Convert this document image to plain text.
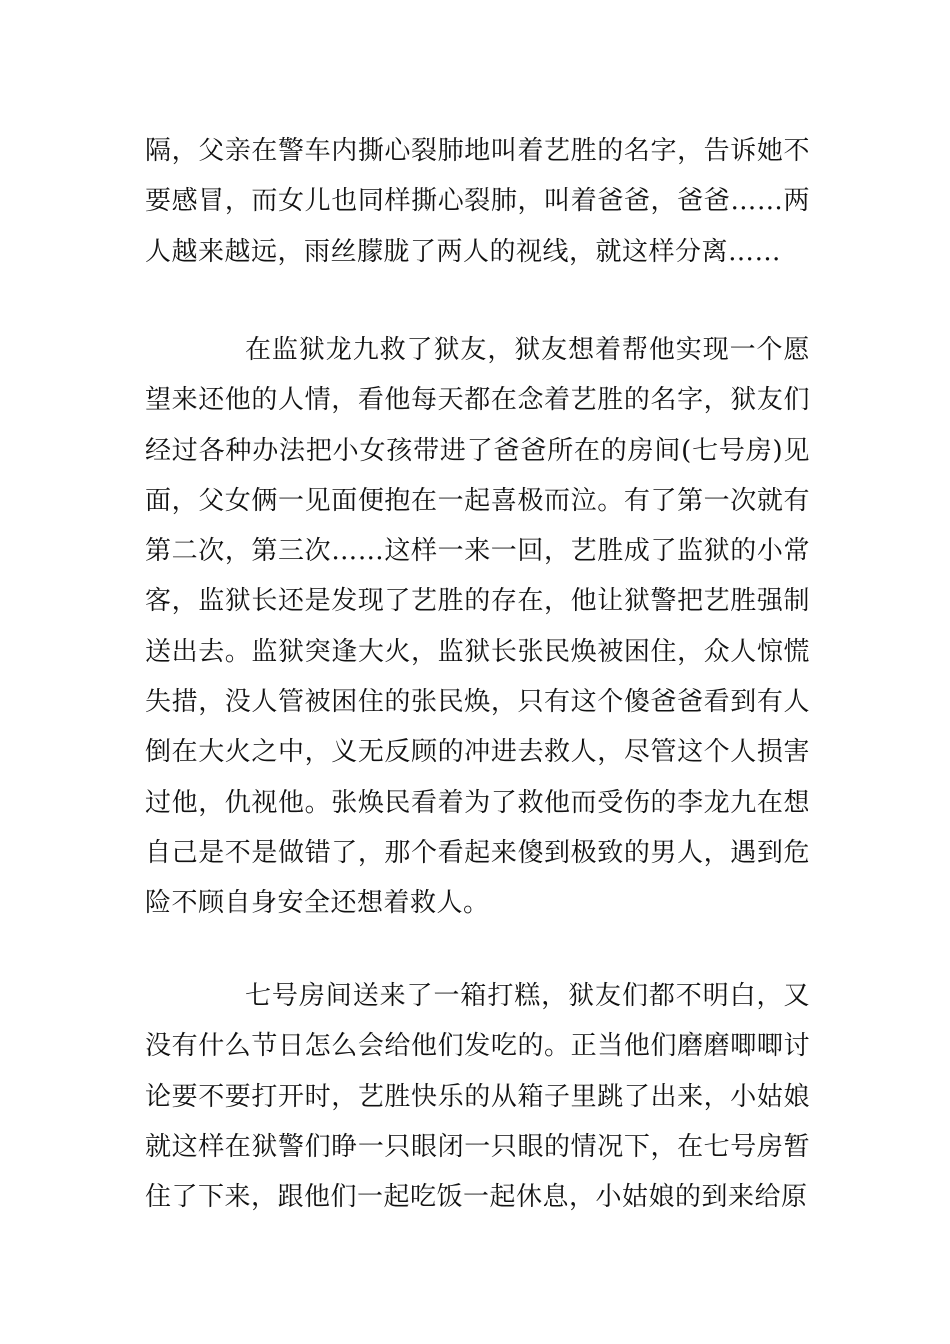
隔，父亲在警车内撕心裂肺地叫着艺胜的名字，告诉她不要感冒，而女儿也同样撕心裂肺，叫着爸爸，爸爸……两人越来越远，雨丝朦胧了两人的视线，就这样分离……

在监狱龙九救了狱友，狱友想着帮他实现一个愿望来还他的人情，看他每天都在念着艺胜的名字，狱友们经过各种办法把小女孩带进了爸爸所在的房间(七号房)见面，父女俩一见面便抱在一起喜极而泣。有了第一次就有第二次，第三次……这样一来一回，艺胜成了监狱的小常客，监狱长还是发现了艺胜的存在，他让狱警把艺胜强制送出去。监狱突逢大火，监狱长张民焕被困住，众人惊慌失措，没人管被困住的张民焕，只有这个傻爸爸看到有人倒在大火之中，义无反顾的冲进去救人，尽管这个人损害过他，仇视他。张焕民看着为了救他而受伤的李龙九在想自己是不是做错了，那个看起来傻到极致的男人，遇到危险不顾自身安全还想着救人。

七号房间送来了一箱打糕，狱友们都不明白，又没有什么节日怎么会给他们发吃的。正当他们磨磨唧唧讨论要不要打开时，艺胜快乐的从箱子里跳了出来，小姑娘就这样在狱警们睁一只眼闭一只眼的情况下，在七号房暂住了下来，跟他们一起吃饭一起休息，小姑娘的到来给原
